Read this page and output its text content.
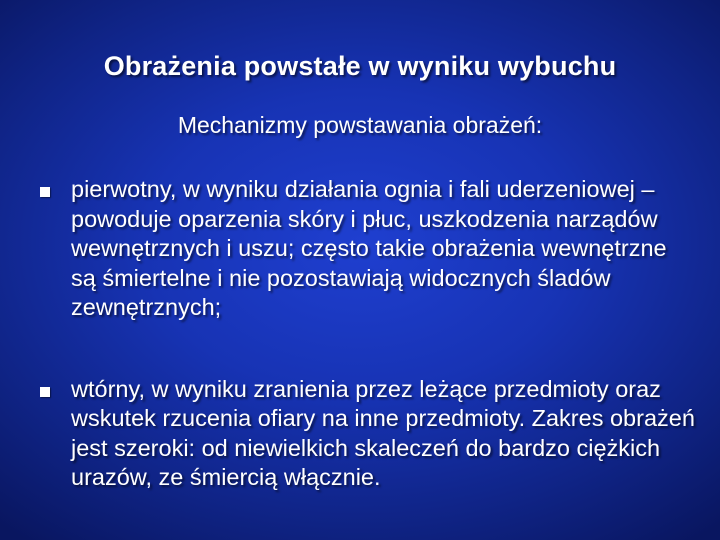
Obrażenia powstałe w wyniku wybuchu
Mechanizmy powstawania obrażeń:
pierwotny, w wyniku działania ognia i fali uderzeniowej – powoduje oparzenia skóry i płuc, uszkodzenia narządów wewnętrznych i uszu; często takie obrażenia wewnętrzne są śmiertelne i nie pozostawiają widocznych śladów zewnętrznych;
wtórny, w wyniku zranienia przez leżące przedmioty oraz wskutek rzucenia ofiary na inne przedmioty. Zakres obrażeń jest szeroki: od niewielkich skaleczeń do bardzo ciężkich urazów, ze śmiercią włącznie.
